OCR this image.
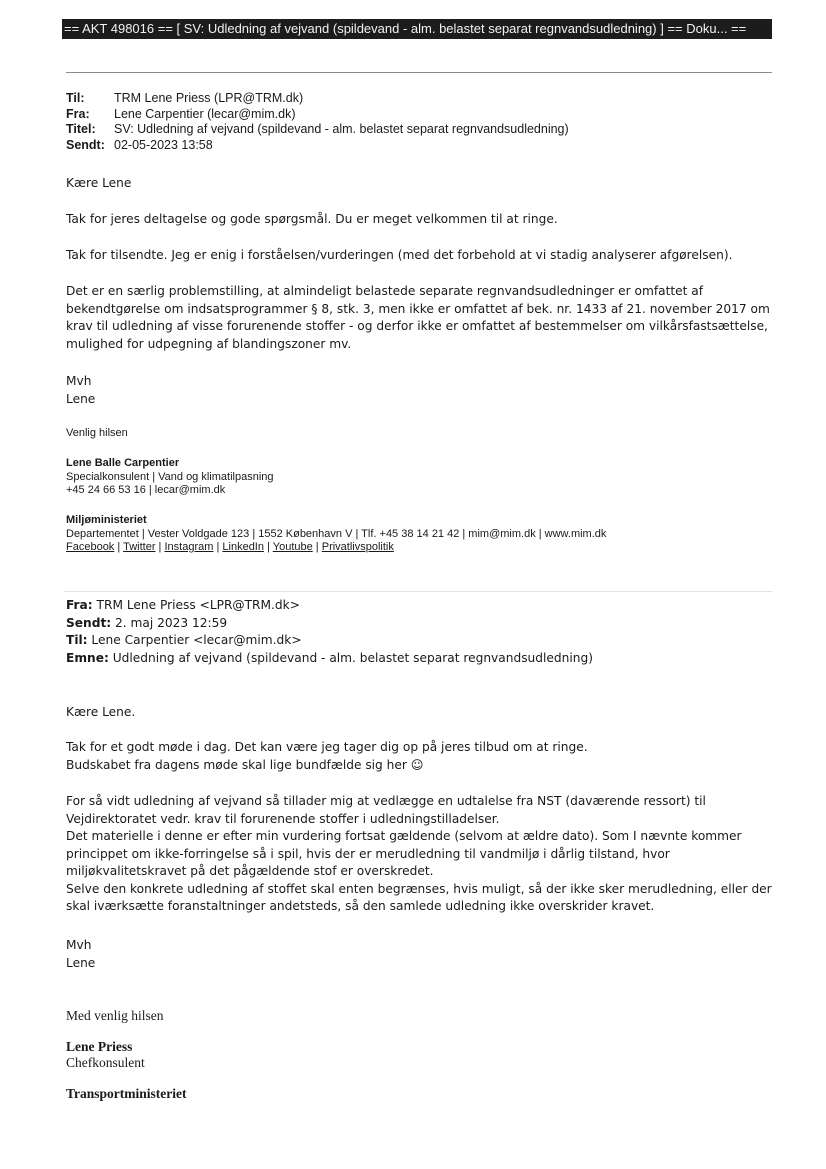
== AKT 498016 == [ SV: Udledning af vejvand (spildevand - alm. belastet separat regnvandsudledning) ] == Doku... ==
Til: TRM Lene Priess (LPR@TRM.dk)
Fra: Lene Carpentier (lecar@mim.dk)
Titel: SV: Udledning af vejvand (spildevand - alm. belastet separat regnvandsudledning)
Sendt: 02-05-2023 13:58
Kære Lene
Tak for jeres deltagelse og gode spørgsmål. Du er meget velkommen til at ringe.
Tak for tilsendte. Jeg er enig i forståelsen/vurderingen (med det forbehold at vi stadig analyserer afgørelsen).
Det er en særlig problemstilling, at almindeligt belastede separate regnvandsudledninger er omfattet af
bekendtgørelse om indsatsprogrammer § 8, stk. 3, men ikke er omfattet af bek. nr. 1433 af 21. november 2017 om
krav til udledning af visse forurenende stoffer - og derfor ikke er omfattet af bestemmelser om vilkårsfastsættelse,
mulighed for udpegning af blandingszoner mv.
Mvh
Lene
Venlig hilsen
Lene Balle Carpentier
Specialkonsulent | Vand og klimatilpasning
+45 24 66 53 16 | lecar@mim.dk
Miljøministeriet
Departementet | Vester Voldgade 123 | 1552 København V | Tlf. +45 38 14 21 42 | mim@mim.dk | www.mim.dk
Facebook | Twitter | Instagram | LinkedIn | Youtube | Privatlivspolitik
Fra: TRM Lene Priess <LPR@TRM.dk>
Sendt: 2. maj 2023 12:59
Til: Lene Carpentier <lecar@mim.dk>
Emne: Udledning af vejvand (spildevand - alm. belastet separat regnvandsudledning)
Kære Lene.
Tak for et godt møde i dag. Det kan være jeg tager dig op på jeres tilbud om at ringe.
Budskabet fra dagens møde skal lige bundfælde sig her ☺
For så vidt udledning af vejvand så tillader mig at vedlægge en udtalelse fra NST (daværende ressort) til
Vejdirektoratet vedr. krav til forurenende stoffer i udledningstilladelser.
Det materielle i denne er efter min vurdering fortsat gældende (selvom at ældre dato). Som I nævnte kommer
princippet om ikke-forringelse så i spil, hvis der er merudledning til vandmiljø i dårlig tilstand, hvor
miljøkvalitetskravet på det pågældende stof er overskredet.
Selve den konkrete udledning af stoffet skal enten begrænses, hvis muligt, så der ikke sker merudledning, eller der
skal iværksætte foranstaltninger andetsteds, så den samlede udledning ikke overskrider kravet.
Mvh
Lene
Med venlig hilsen
Lene Priess
Chefkonsulent
Transportministeriet
